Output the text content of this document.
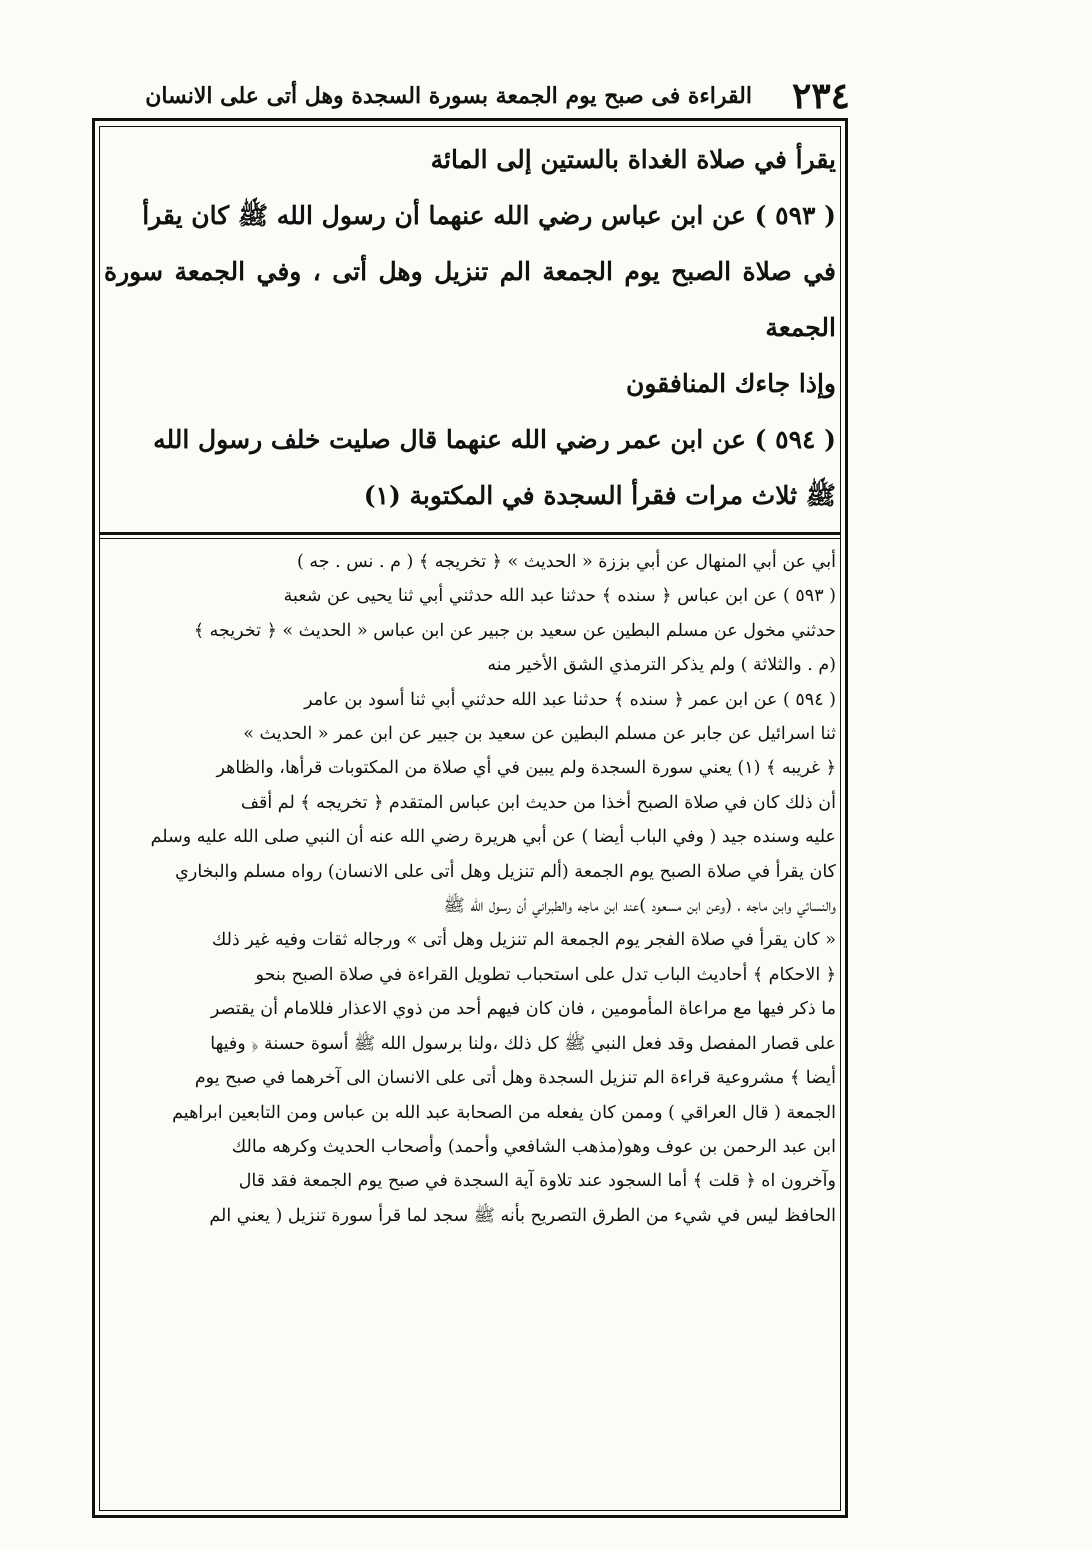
٢٣٤
القراءة فى صبح يوم الجمعة بسورة السجدة وهل أتى على الانسان

يقرأ في صلاة الغداة بالستين إلى المائة

( ٥٩٣ ) عن ابن عباس رضي الله عنهما أن رسول الله ﷺ كان يقرأ

في صلاة الصبح يوم الجمعة الم تنزيل وهل أتى ، وفي الجمعة سورة الجمعة

وإذا جاءك المنافقون

( ٥٩٤ ) عن ابن عمر رضي الله عنهما قال صليت خلف رسول الله

ﷺ ثلاث مرات فقرأ السجدة في المكتوبة (١)

أبي عن أبي المنهال عن أبي بززة « الحديث » ﴿ تخريجه ﴾ ( م . نس . جه )

( ٥٩٣ ) عن ابن عباس ﴿ سنده ﴾ حدثنا عبد الله حدثني أبي ثنا يحيى عن شعبة

حدثني مخول عن مسلم البطين عن سعيد بن جبير عن ابن عباس « الحديث » ﴿ تخريجه ﴾

(م . والثلاثة ) ولم يذكر الترمذي الشق الأخير منه

( ٥٩٤ ) عن ابن عمر ﴿ سنده ﴾ حدثنا عبد الله حدثني أبي ثنا أسود بن عامر

ثنا اسرائيل عن جابر عن مسلم البطين عن سعيد بن جبير عن ابن عمر « الحديث »

﴿ غريبه ﴾ (١) يعني سورة السجدة ولم يبين في أي صلاة من المكتوبات قرأها، والظاهر

أن ذلك كان في صلاة الصبح أخذا من حديث ابن عباس المتقدم ﴿ تخريجه ﴾ لم أقف

عليه وسنده جيد ( وفي الباب أيضا ) عن أبي هريرة رضي الله عنه أن النبي صلى الله عليه وسلم

كان يقرأ في صلاة الصبح يوم الجمعة (ألم تنزيل وهل أتى على الانسان) رواه مسلم والبخاري

والنسائي وابن ماجه ، (وعن ابن مسعود )عند ابن ماجه والطبراني أن رسول الله ﷺ

« كان يقرأ في صلاة الفجر يوم الجمعة الم تنزيل وهل أتى » ورجاله ثقات وفيه غير ذلك

﴿ الاحكام ﴾ أحاديث الباب تدل على استحباب تطويل القراءة في صلاة الصبح بنحو

ما ذكر فيها مع مراعاة المأمومين ، فان كان فيهم أحد من ذوي الاعذار فللامام أن يقتصر

على قصار المفصل وقد فعل النبي ﷺ كل ذلك ،ولنا برسول الله ﷺ أسوة حسنة ﴿ وفيها

أيضا ﴾ مشروعية قراءة الم تنزيل السجدة وهل أتى على الانسان الى آخرهما في صبح يوم

الجمعة ( قال العراقي ) وممن كان يفعله من الصحابة عبد الله بن عباس ومن التابعين ابراهيم

ابن عبد الرحمن بن عوف وهو(مذهب الشافعي وأحمد) وأصحاب الحديث وكرهه مالك

وآخرون اه ﴿ قلت ﴾ أما السجود عند تلاوة آية السجدة في صبح يوم الجمعة فقد قال

الحافظ ليس في شيء من الطرق التصريح بأنه ﷺ سجد لما قرأ سورة تنزيل ( يعني الم
